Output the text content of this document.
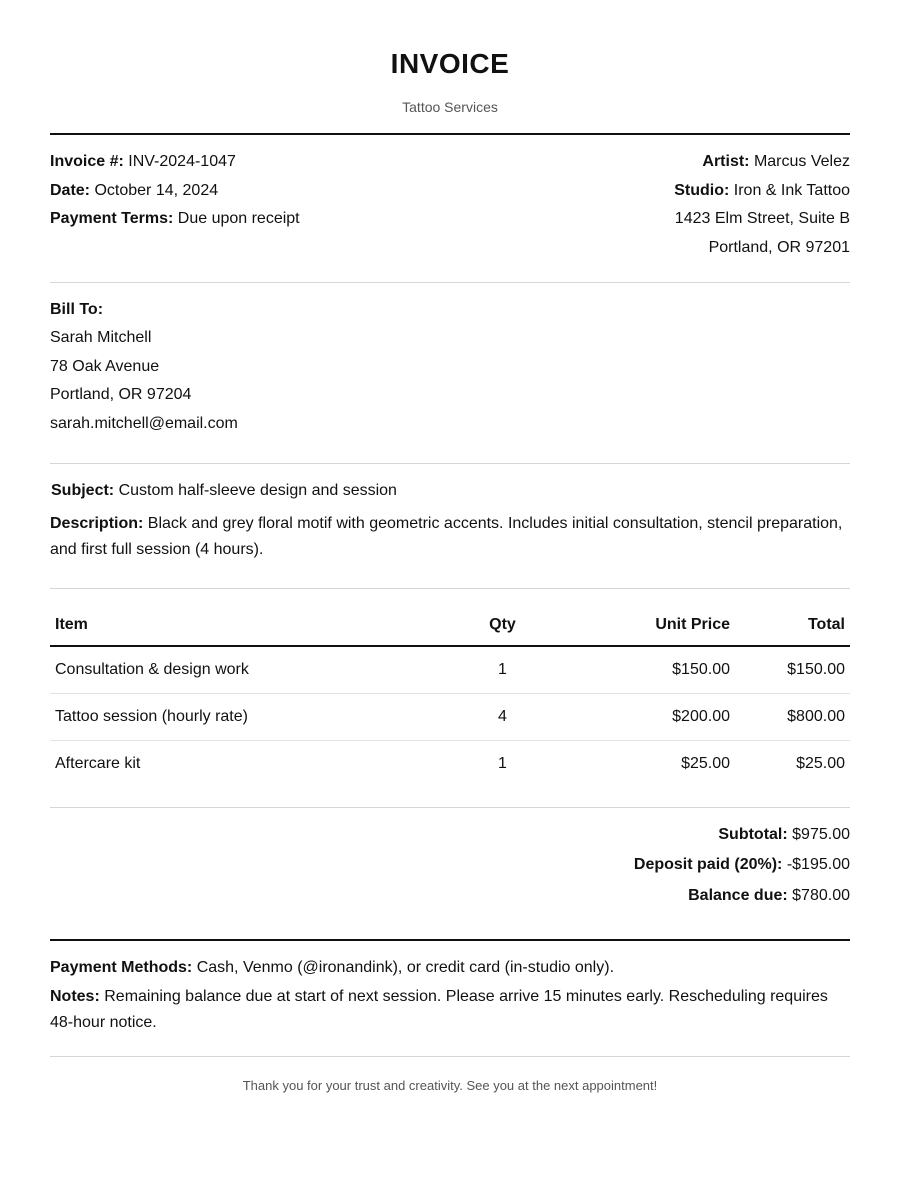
INVOICE
Tattoo Services
Invoice #: INV-2024-1047
Date: October 14, 2024
Payment Terms: Due upon receipt
Artist: Marcus Velez
Studio: Iron & Ink Tattoo
1423 Elm Street, Suite B
Portland, OR 97201
Bill To:
Sarah Mitchell
78 Oak Avenue
Portland, OR 97204
sarah.mitchell@email.com
Subject: Custom half-sleeve design and session
Description: Black and grey floral motif with geometric accents. Includes initial consultation, stencil preparation, and first full session (4 hours).
Item	Qty	Unit Price	Total
Consultation & design work	1	$150.00	$150.00
Tattoo session (hourly rate)	4	$200.00	$800.00
Aftercare kit	1	$25.00	$25.00
Subtotal: $975.00
Deposit paid (20%): -$195.00
Balance due: $780.00
Payment Methods: Cash, Venmo (@ironandink), or credit card (in-studio only).
Notes: Remaining balance due at start of next session. Please arrive 15 minutes early. Rescheduling requires 48-hour notice.
Thank you for your trust and creativity. See you at the next appointment!
